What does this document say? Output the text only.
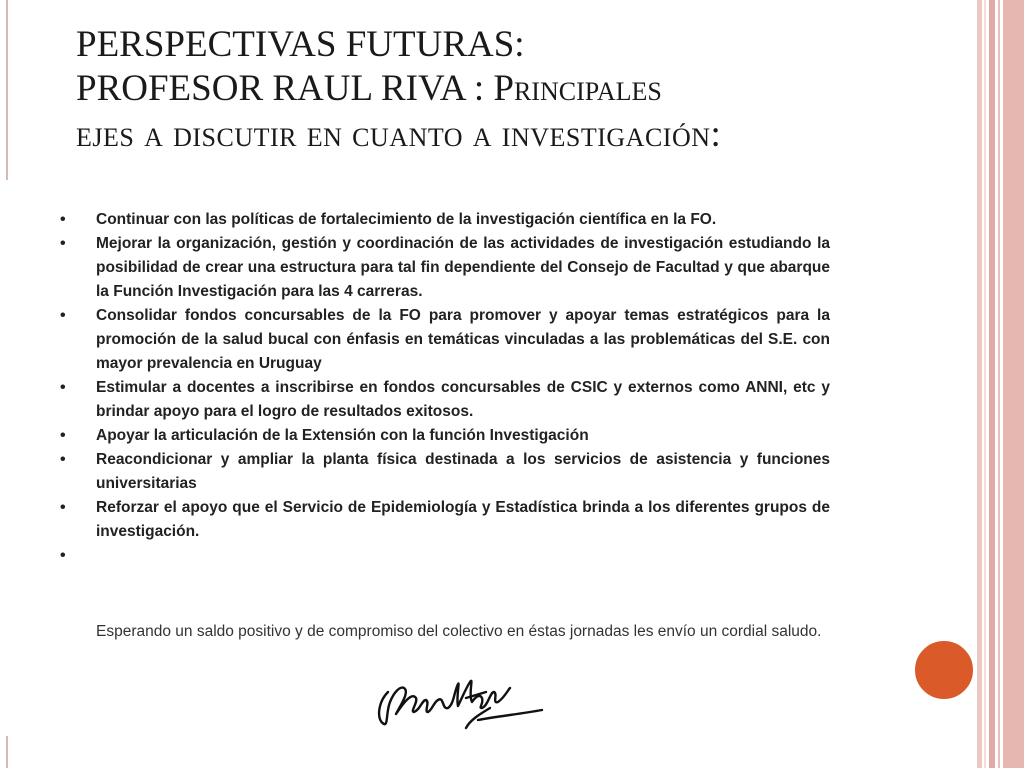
PERSPECTIVAS FUTURAS:
PROFESOR RAUL RIVA : Principales
ejes a discutir en cuanto a investigación:
• Continuar con las políticas de fortalecimiento de la investigación científica en la FO.
• Mejorar la organización, gestión y coordinación de las actividades de investigación estudiando la posibilidad de crear una estructura para tal fin dependiente del Consejo de Facultad y que abarque la Función Investigación para las 4 carreras.
• Consolidar fondos concursables de la FO para promover y apoyar temas estratégicos para la promoción de la salud bucal con énfasis en temáticas vinculadas a las problemáticas del S.E. con mayor prevalencia en Uruguay
• Estimular a docentes a inscribirse en fondos concursables de CSIC y externos como ANNI, etc y brindar apoyo para el logro de resultados exitosos.
• Apoyar la articulación de la Extensión con la función Investigación
• Reacondicionar y ampliar la planta física destinada a los servicios de asistencia y funciones universitarias
• Reforzar el apoyo que el Servicio de Epidemiología y Estadística brinda a los diferentes grupos de investigación.
•
Esperando un saldo positivo y de compromiso del colectivo en éstas jornadas les envío un cordial saludo.
